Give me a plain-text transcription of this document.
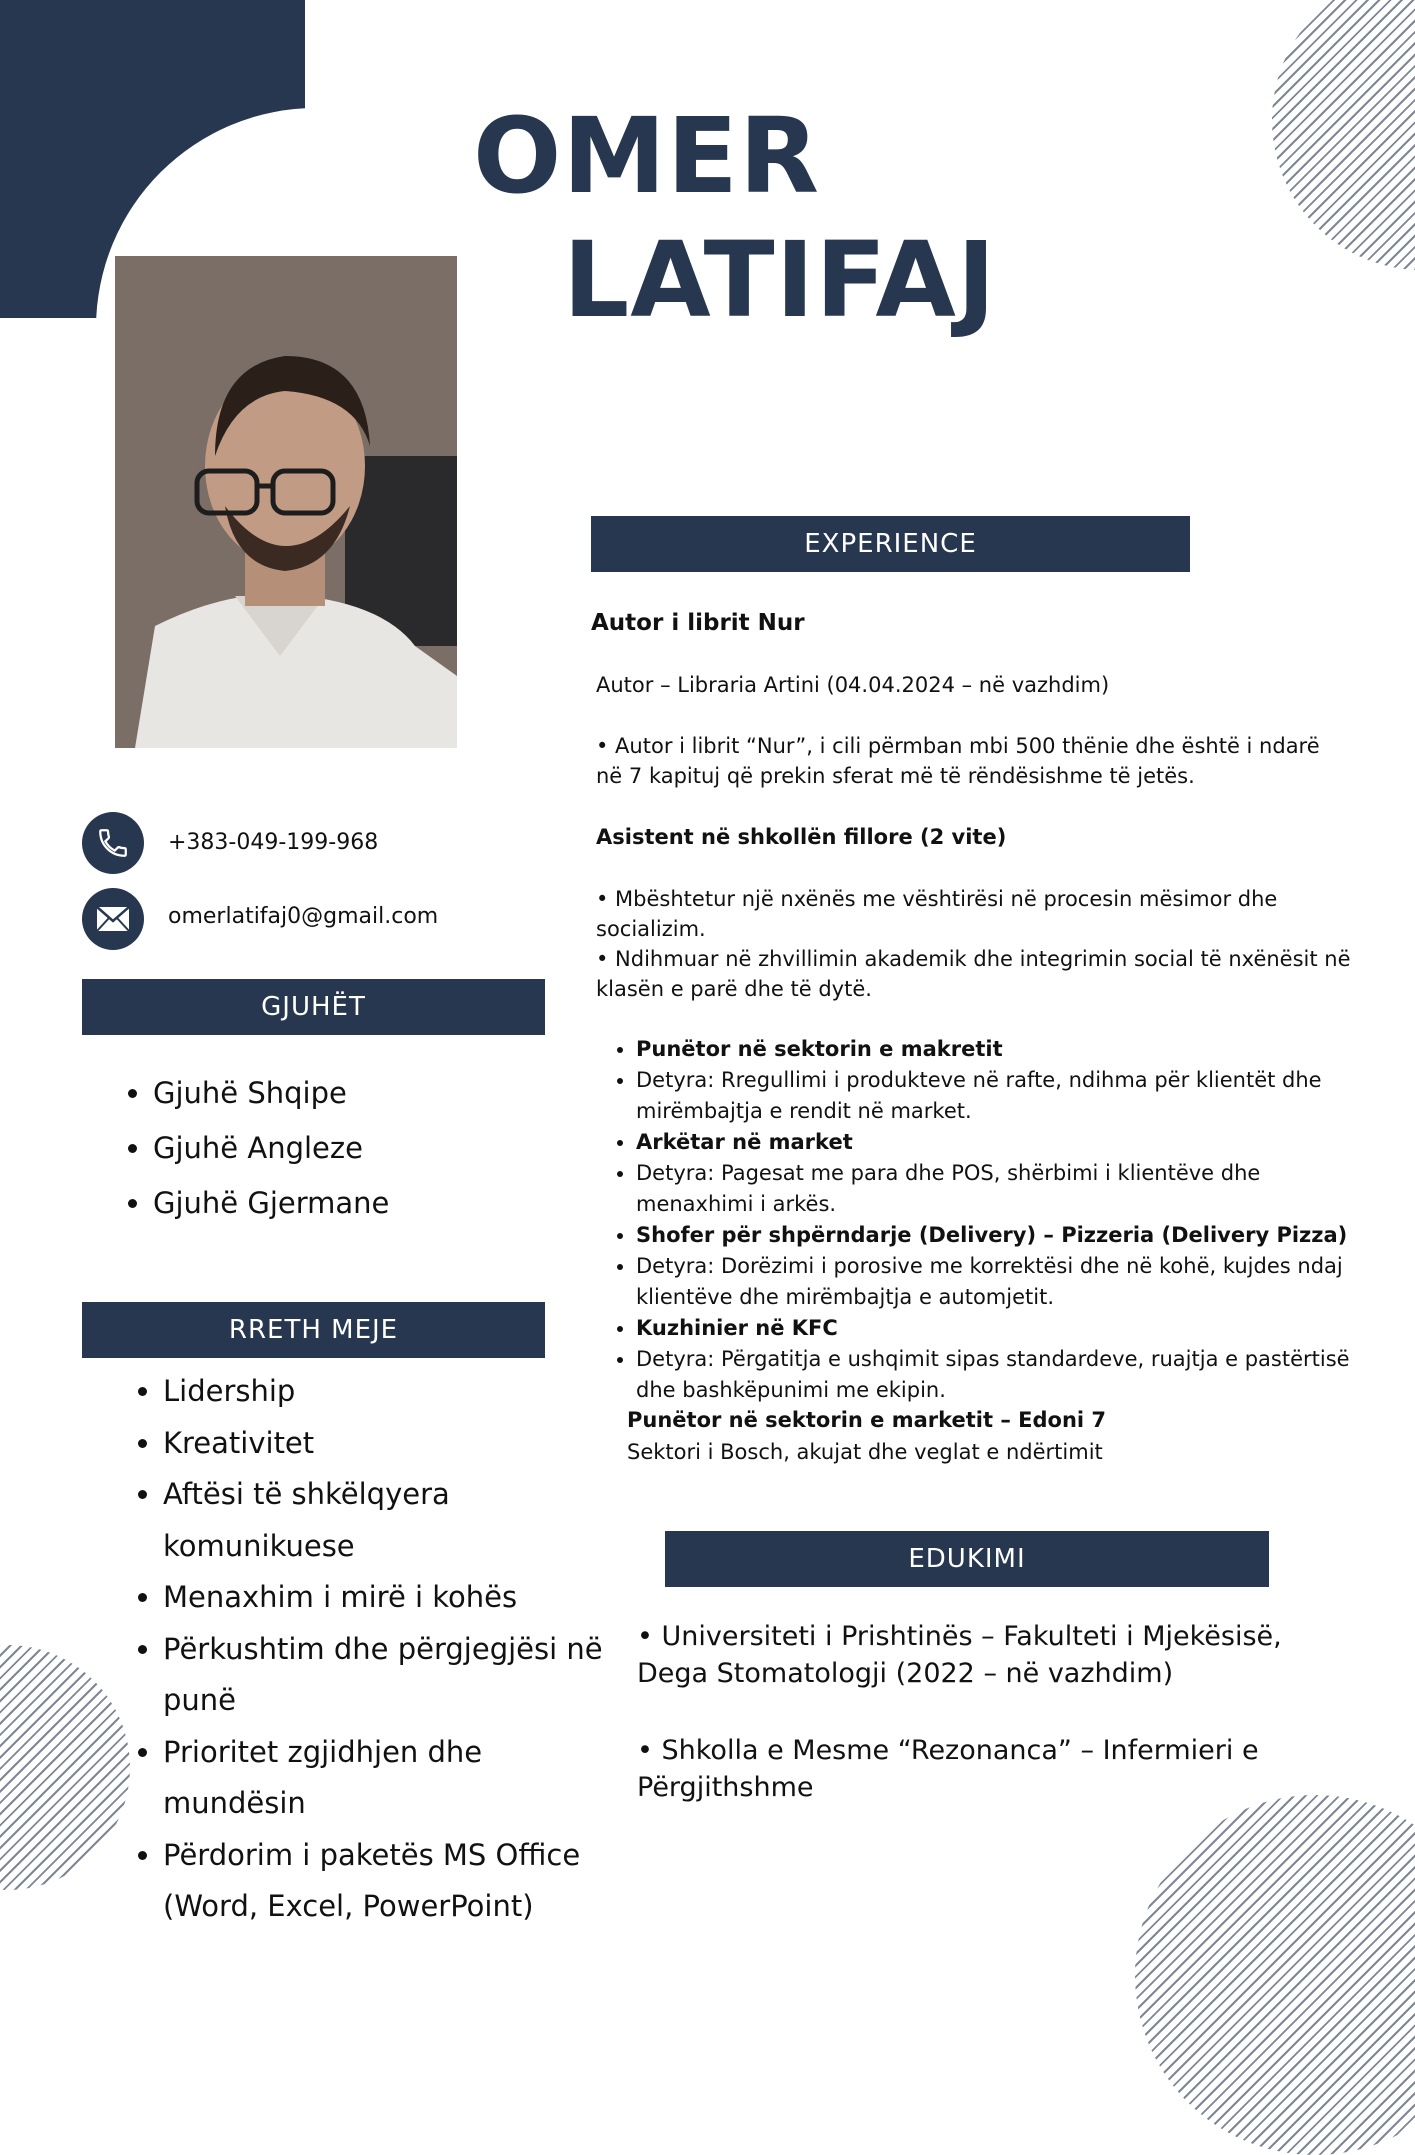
OMER
LATIFAJ
+383-049-199-968
omerlatifaj0@gmail.com
GJUHËT
• Gjuhë Shqipe
• Gjuhë Angleze
• Gjuhë Gjermane
RRETH MEJE
• Lidership
• Kreativitet
• Aftësi të shkëlqyera komunikuese
• Menaxhim i mirë i kohës
• Përkushtim dhe përgjegjësi në punë
• Prioritet zgjidhjen dhe mundësin
• Përdorim i paketës MS Office (Word, Excel, PowerPoint)
EXPERIENCE
Autor i librit Nur
Autor – Libraria Artini (04.04.2024 – në vazhdim)
• Autor i librit “Nur”, i cili përmban mbi 500 thënie dhe është i ndarë në 7 kapituj që prekin sferat më të rëndësishme të jetës.
Asistent në shkollën fillore (2 vite)
• Mbështetur një nxënës me vështirësi në procesin mësimor dhe socializim.
• Ndihmuar në zhvillimin akademik dhe integrimin social të nxënësit në klasën e parë dhe të dytë.
• Punëtor në sektorin e makretit
• Detyra: Rregullimi i produkteve në rafte, ndihma për klientët dhe mirëmbajtja e rendit në market.
• Arkëtar në market
• Detyra: Pagesat me para dhe POS, shërbimi i klientëve dhe menaxhimi i arkës.
• Shofer për shpërndarje (Delivery) – Pizzeria (Delivery Pizza)
• Detyra: Dorëzimi i porosive me korrektësi dhe në kohë, kujdes ndaj klientëve dhe mirëmbajtja e automjetit.
• Kuzhinier në KFC
• Detyra: Përgatitja e ushqimit sipas standardeve, ruajtja e pastërtisë dhe bashkëpunimi me ekipin.
Punëtor në sektorin e marketit – Edoni 7
Sektori i Bosch, akujat dhe veglat e ndërtimit
EDUKIMI
• Universiteti i Prishtinës – Fakulteti i Mjekësisë, Dega Stomatologji (2022 – në vazhdim)
• Shkolla e Mesme “Rezonanca” – Infermieri e Përgjithshme
